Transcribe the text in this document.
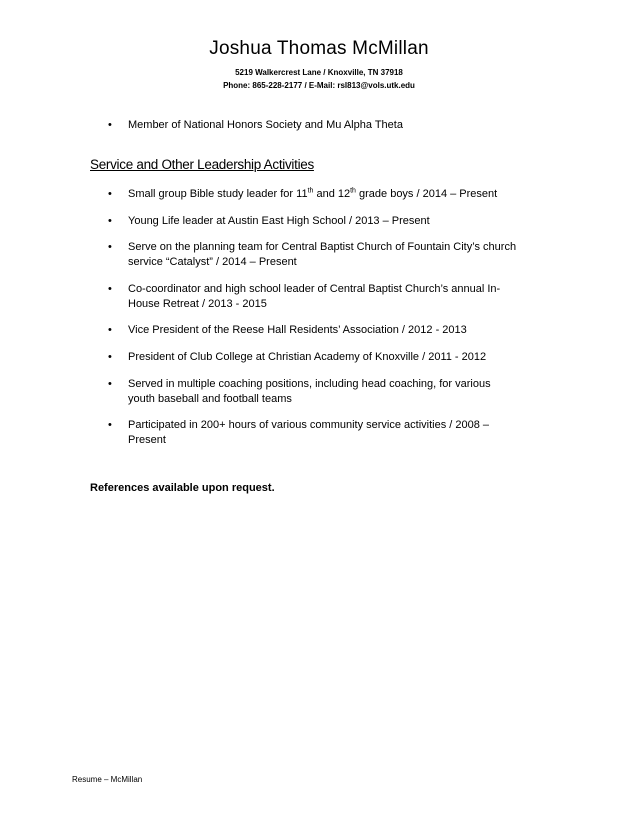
Joshua Thomas McMillan
5219 Walkercrest Lane / Knoxville, TN 37918
Phone: 865-228-2177 / E-Mail: rsl813@vols.utk.edu
• Member of National Honors Society and Mu Alpha Theta
Service and Other Leadership Activities
• Small group Bible study leader for 11th and 12th grade boys / 2014 – Present
• Young Life leader at Austin East High School / 2013 – Present
• Serve on the planning team for Central Baptist Church of Fountain City’s church
service “Catalyst” / 2014 – Present
• Co-coordinator and high school leader of Central Baptist Church’s annual In-
House Retreat / 2013 - 2015
• Vice President of the Reese Hall Residents’ Association / 2012 - 2013
• President of Club College at Christian Academy of Knoxville / 2011 - 2012
• Served in multiple coaching positions, including head coaching, for various
youth baseball and football teams
• Participated in 200+ hours of various community service activities / 2008 –
Present
References available upon request.
Resume – McMillan
